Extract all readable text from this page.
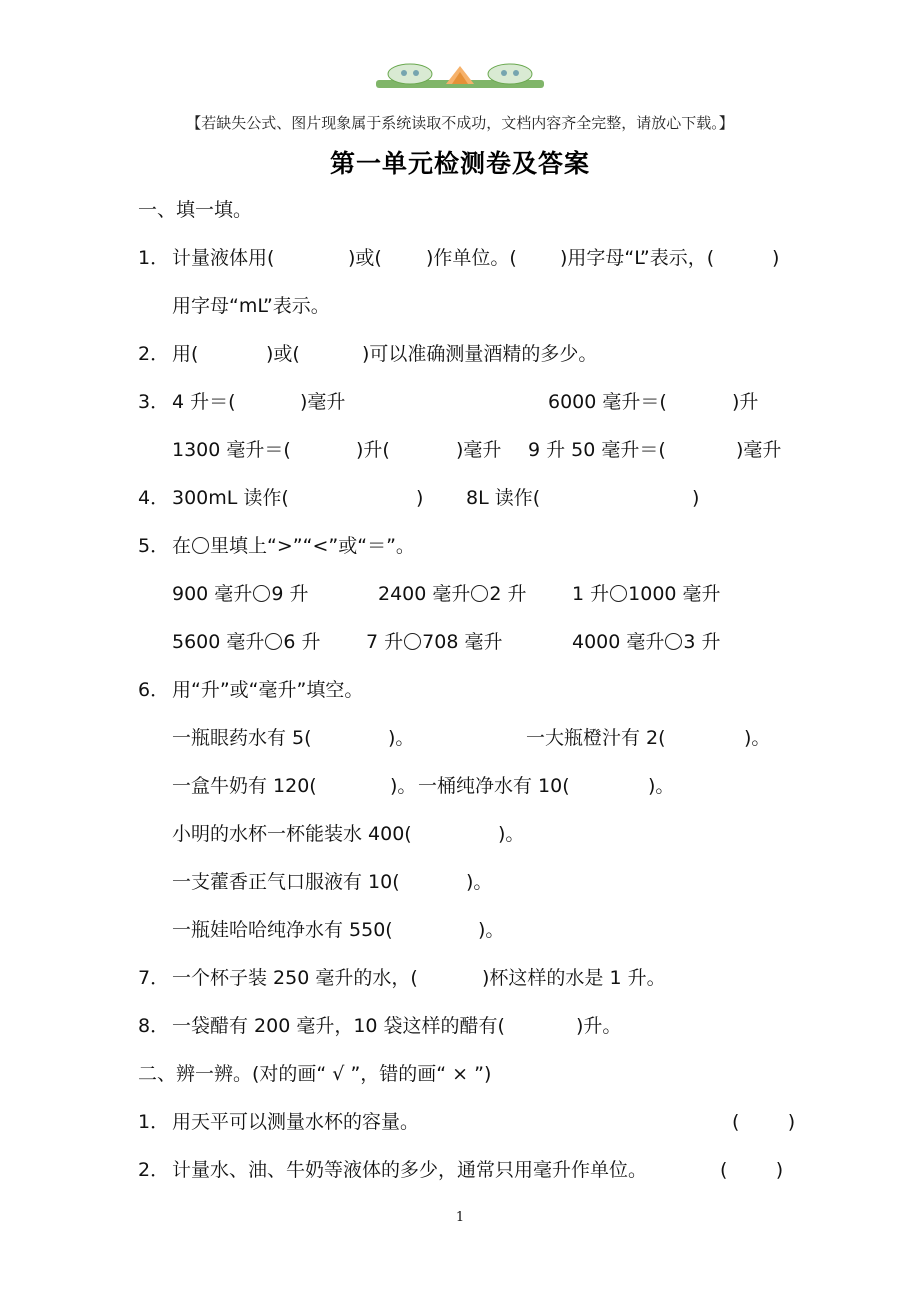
【若缺失公式、图片现象属于系统读取不成功，文档内容齐全完整，请放心下载。】
第一单元检测卷及答案
一、填一填。
1． 计量液体用(	)或( )作单位。( )用字母“L”表示，(	)
用字母“mL”表示。
2． 用(	)或(	)可以准确测量酒精的多少。
3． 4 升＝(	)毫升	6000 毫升＝(	)升
1300 毫升＝(	)升(	)毫升 9 升 50 毫升＝(	)毫升
4． 300mL 读作(	) 8L 读作(	)
5． 在 里填上“>”“<”或“＝”。
900 毫升 9 升	2400 毫升 2 升 1 升 1000 毫升
5600 毫升 6 升 7 升 708 毫升	4000 毫升 3 升
6． 用“升”或“毫升”填空。
一瓶眼药水有 5(	)。	一大瓶橙汁有 2(	)。
一盒牛奶有 120(	)。 一桶纯净水有 10(	)。
小明的水杯一杯能装水 400(	)。
一支藿香正气口服液有 10(	)。
一瓶娃哈哈纯净水有 550(	)。
7． 一个杯子装 250 毫升的水，(	)杯这样的水是 1 升。
8． 一袋醋有 200 毫升，10 袋这样的醋有(	)升。
二、辨一辨。(对的画“ √ ”，错的画“ × ”)
1． 用天平可以测量水杯的容量。	(        )
2． 计量水、油、牛奶等液体的多少，通常只用毫升作单位。	(        )
1
